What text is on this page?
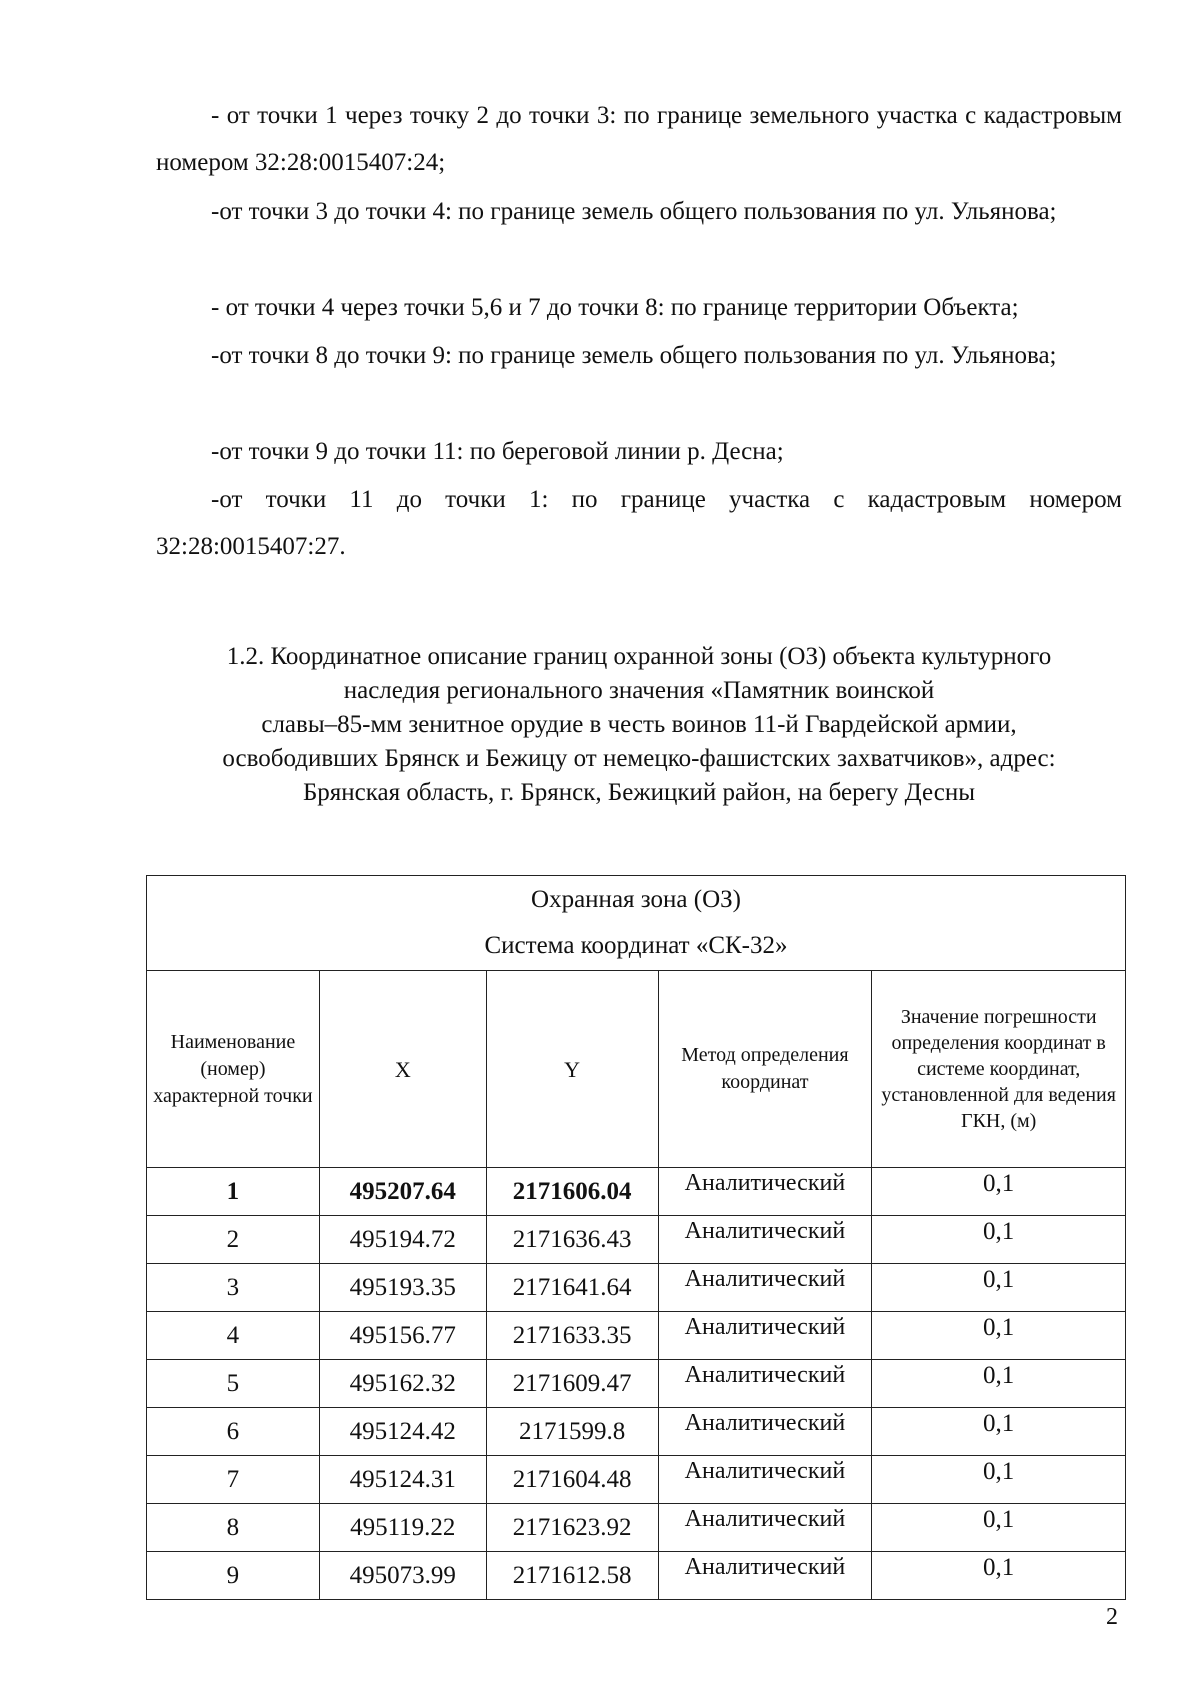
- от точки 1 через точку 2 до точки 3: по границе земельного участка с кадастровым номером 32:28:0015407:24;

-от точки 3 до точки 4: по границе земель общего пользования по ул. Ульянова;

- от точки 4 через точки 5,6 и 7 до точки 8: по границе территории Объекта;

-от точки 8 до точки 9: по границе земель общего пользования по ул. Ульянова;

-от точки 9 до точки 11: по береговой линии р. Десна;

-от точки 11 до точки 1: по границе участка с кадастровым номером 32:28:0015407:27.

1.2. Координатное описание границ охранной зоны (ОЗ) объекта культурного
наследия регионального значения «Памятник воинской
славы–85-мм зенитное орудие в честь воинов 11-й Гвардейской армии,
освободивших Брянск и Бежицу от немецко-фашистских захватчиков», адрес:
Брянская область, г. Брянск, Бежицкий район, на берегу Десны
Охранная зона (ОЗ)
Система координат «СК-32»				

Наименование (номер) характерной точки	X	Y	Метод определения координат	Значение погрешности определения координат в системе координат, установленной для ведения ГКН, (м)
1	495207.64	2171606.04	Аналитический	0,1
2	495194.72	2171636.43	Аналитический	0,1
3	495193.35	2171641.64	Аналитический	0,1
4	495156.77	2171633.35	Аналитический	0,1
5	495162.32	2171609.47	Аналитический	0,1
6	495124.42	2171599.8	Аналитический	0,1
7	495124.31	2171604.48	Аналитический	0,1
8	495119.22	2171623.92	Аналитический	0,1
9	495073.99	2171612.58	Аналитический	0,1
2
